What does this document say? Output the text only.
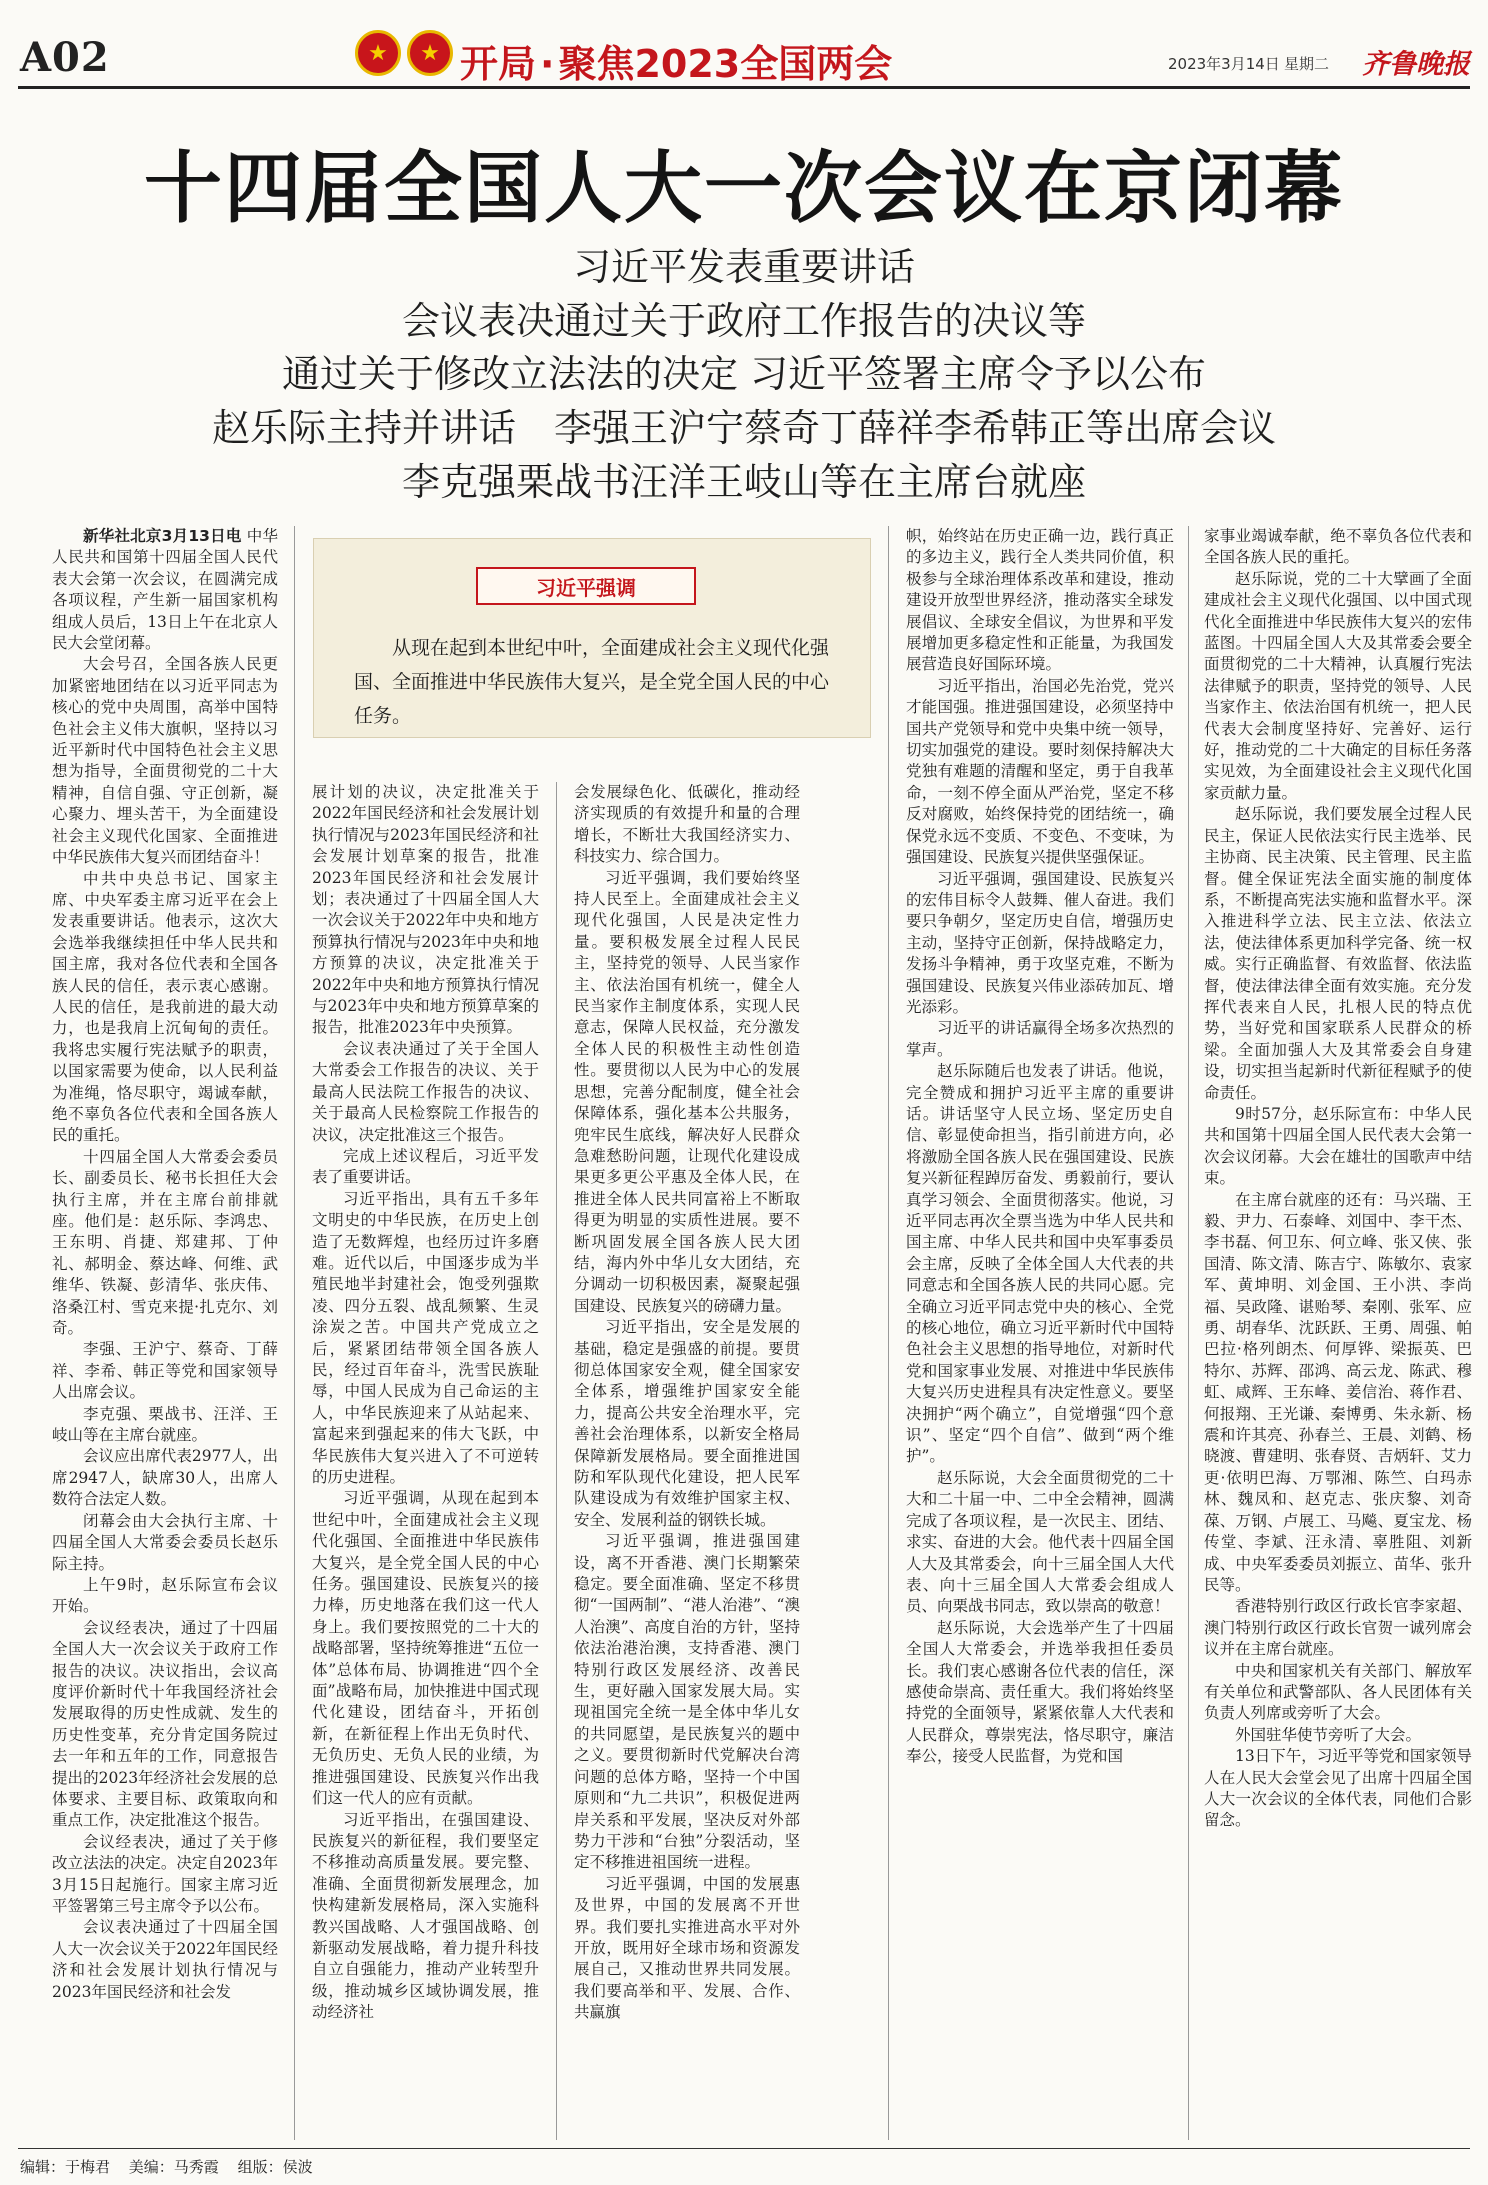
A02	★ ★ 开局 · 聚焦2023全国两会	2023年3月14日 星期二 齐鲁晚报
十四届全国人大一次会议在京闭幕
习近平发表重要讲话
会议表决通过关于政府工作报告的决议等
通过关于修改立法法的决定 习近平签署主席令予以公布
赵乐际主持并讲话　李强王沪宁蔡奇丁薛祥李希韩正等出席会议
李克强栗战书汪洋王岐山等在主席台就座
习近平强调
从现在起到本世纪中叶，全面建成社会主义现代化强国、全面推进中华民族伟大复兴，是全党全国人民的中心任务。

新华社北京3月13日电 中华人民共和国第十四届全国人民代表大会第一次会议，在圆满完成各项议程，产生新一届国家机构组成人员后，13日上午在北京人民大会堂闭幕。

大会号召，全国各族人民更加紧密地团结在以习近平同志为核心的党中央周围，高举中国特色社会主义伟大旗帜，坚持以习近平新时代中国特色社会主义思想为指导，全面贯彻党的二十大精神，自信自强、守正创新，凝心聚力、埋头苦干，为全面建设社会主义现代化国家、全面推进中华民族伟大复兴而团结奋斗！

中共中央总书记、国家主席、中央军委主席习近平在会上发表重要讲话。他表示，这次大会选举我继续担任中华人民共和国主席，我对各位代表和全国各族人民的信任，表示衷心感谢。人民的信任，是我前进的最大动力，也是我肩上沉甸甸的责任。我将忠实履行宪法赋予的职责，以国家需要为使命，以人民利益为准绳，恪尽职守，竭诚奉献，绝不辜负各位代表和全国各族人民的重托。

十四届全国人大常委会委员长、副委员长、秘书长担任大会执行主席，并在主席台前排就座。他们是：赵乐际、李鸿忠、王东明、肖捷、郑建邦、丁仲礼、郝明金、蔡达峰、何维、武维华、铁凝、彭清华、张庆伟、洛桑江村、雪克来提·扎克尔、刘奇。

李强、王沪宁、蔡奇、丁薛祥、李希、韩正等党和国家领导人出席会议。

李克强、栗战书、汪洋、王岐山等在主席台就座。

会议应出席代表2977人，出席2947人，缺席30人，出席人数符合法定人数。

闭幕会由大会执行主席、十四届全国人大常委会委员长赵乐际主持。

上午9时，赵乐际宣布会议开始。

会议经表决，通过了十四届全国人大一次会议关于政府工作报告的决议。决议指出，会议高度评价新时代十年我国经济社会发展取得的历史性成就、发生的历史性变革，充分肯定国务院过去一年和五年的工作，同意报告提出的2023年经济社会发展的总体要求、主要目标、政策取向和重点工作，决定批准这个报告。

会议经表决，通过了关于修改立法法的决定。决定自2023年3月15日起施行。国家主席习近平签署第三号主席令予以公布。

会议表决通过了十四届全国人大一次会议关于2022年国民经济和社会发展计划执行情况与2023年国民经济和社会发

展计划的决议，决定批准关于2022年国民经济和社会发展计划执行情况与2023年国民经济和社会发展计划草案的报告，批准2023年国民经济和社会发展计划；表决通过了十四届全国人大一次会议关于2022年中央和地方预算执行情况与2023年中央和地方预算的决议，决定批准关于2022年中央和地方预算执行情况与2023年中央和地方预算草案的报告，批准2023年中央预算。

会议表决通过了关于全国人大常委会工作报告的决议、关于最高人民法院工作报告的决议、关于最高人民检察院工作报告的决议，决定批准这三个报告。

完成上述议程后，习近平发表了重要讲话。

习近平指出，具有五千多年文明史的中华民族，在历史上创造了无数辉煌，也经历过许多磨难。近代以后，中国逐步成为半殖民地半封建社会，饱受列强欺凌、四分五裂、战乱频繁、生灵涂炭之苦。中国共产党成立之后，紧紧团结带领全国各族人民，经过百年奋斗，洗雪民族耻辱，中国人民成为自己命运的主人，中华民族迎来了从站起来、富起来到强起来的伟大飞跃，中华民族伟大复兴进入了不可逆转的历史进程。

习近平强调，从现在起到本世纪中叶，全面建成社会主义现代化强国、全面推进中华民族伟大复兴，是全党全国人民的中心任务。强国建设、民族复兴的接力棒，历史地落在我们这一代人身上。我们要按照党的二十大的战略部署，坚持统筹推进“五位一体”总体布局、协调推进“四个全面”战略布局，加快推进中国式现代化建设，团结奋斗，开拓创新，在新征程上作出无负时代、无负历史、无负人民的业绩，为推进强国建设、民族复兴作出我们这一代人的应有贡献。

习近平指出，在强国建设、民族复兴的新征程，我们要坚定不移推动高质量发展。要完整、准确、全面贯彻新发展理念，加快构建新发展格局，深入实施科教兴国战略、人才强国战略、创新驱动发展战略，着力提升科技自立自强能力，推动产业转型升级，推动城乡区域协调发展，推动经济社

会发展绿色化、低碳化，推动经济实现质的有效提升和量的合理增长，不断壮大我国经济实力、科技实力、综合国力。

习近平强调，我们要始终坚持人民至上。全面建成社会主义现代化强国，人民是决定性力量。要积极发展全过程人民民主，坚持党的领导、人民当家作主、依法治国有机统一，健全人民当家作主制度体系，实现人民意志，保障人民权益，充分激发全体人民的积极性主动性创造性。要贯彻以人民为中心的发展思想，完善分配制度，健全社会保障体系，强化基本公共服务，兜牢民生底线，解决好人民群众急难愁盼问题，让现代化建设成果更多更公平惠及全体人民，在推进全体人民共同富裕上不断取得更为明显的实质性进展。要不断巩固发展全国各族人民大团结，海内外中华儿女大团结，充分调动一切积极因素，凝聚起强国建设、民族复兴的磅礴力量。

习近平指出，安全是发展的基础，稳定是强盛的前提。要贯彻总体国家安全观，健全国家安全体系，增强维护国家安全能力，提高公共安全治理水平，完善社会治理体系，以新安全格局保障新发展格局。要全面推进国防和军队现代化建设，把人民军队建设成为有效维护国家主权、安全、发展利益的钢铁长城。

习近平强调，推进强国建设，离不开香港、澳门长期繁荣稳定。要全面准确、坚定不移贯彻“一国两制”、“港人治港”、“澳人治澳”、高度自治的方针，坚持依法治港治澳，支持香港、澳门特别行政区发展经济、改善民生，更好融入国家发展大局。实现祖国完全统一是全体中华儿女的共同愿望，是民族复兴的题中之义。要贯彻新时代党解决台湾问题的总体方略，坚持一个中国原则和“九二共识”，积极促进两岸关系和平发展，坚决反对外部势力干涉和“台独”分裂活动，坚定不移推进祖国统一进程。

习近平强调，中国的发展惠及世界，中国的发展离不开世界。我们要扎实推进高水平对外开放，既用好全球市场和资源发展自己，又推动世界共同发展。我们要高举和平、发展、合作、共赢旗

帜，始终站在历史正确一边，践行真正的多边主义，践行全人类共同价值，积极参与全球治理体系改革和建设，推动建设开放型世界经济，推动落实全球发展倡议、全球安全倡议，为世界和平发展增加更多稳定性和正能量，为我国发展营造良好国际环境。

习近平指出，治国必先治党，党兴才能国强。推进强国建设，必须坚持中国共产党领导和党中央集中统一领导，切实加强党的建设。要时刻保持解决大党独有难题的清醒和坚定，勇于自我革命，一刻不停全面从严治党，坚定不移反对腐败，始终保持党的团结统一，确保党永远不变质、不变色、不变味，为强国建设、民族复兴提供坚强保证。

习近平强调，强国建设、民族复兴的宏伟目标令人鼓舞、催人奋进。我们要只争朝夕，坚定历史自信，增强历史主动，坚持守正创新，保持战略定力，发扬斗争精神，勇于攻坚克难，不断为强国建设、民族复兴伟业添砖加瓦、增光添彩。

习近平的讲话赢得全场多次热烈的掌声。

赵乐际随后也发表了讲话。他说，完全赞成和拥护习近平主席的重要讲话。讲话坚守人民立场、坚定历史自信、彰显使命担当，指引前进方向，必将激励全国各族人民在强国建设、民族复兴新征程踔厉奋发、勇毅前行，要认真学习领会、全面贯彻落实。他说，习近平同志再次全票当选为中华人民共和国主席、中华人民共和国中央军事委员会主席，反映了全体全国人大代表的共同意志和全国各族人民的共同心愿。完全确立习近平同志党中央的核心、全党的核心地位，确立习近平新时代中国特色社会主义思想的指导地位，对新时代党和国家事业发展、对推进中华民族伟大复兴历史进程具有决定性意义。要坚决拥护“两个确立”，自觉增强“四个意识”、坚定“四个自信”、做到“两个维护”。

赵乐际说，大会全面贯彻党的二十大和二十届一中、二中全会精神，圆满完成了各项议程，是一次民主、团结、求实、奋进的大会。他代表十四届全国人大及其常委会，向十三届全国人大代表、向十三届全国人大常委会组成人员、向栗战书同志，致以崇高的敬意！

赵乐际说，大会选举产生了十四届全国人大常委会，并选举我担任委员长。我们衷心感谢各位代表的信任，深感使命崇高、责任重大。我们将始终坚持党的全面领导，紧紧依靠人大代表和人民群众，尊崇宪法，恪尽职守，廉洁奉公，接受人民监督，为党和国

家事业竭诚奉献，绝不辜负各位代表和全国各族人民的重托。

赵乐际说，党的二十大擘画了全面建成社会主义现代化强国、以中国式现代化全面推进中华民族伟大复兴的宏伟蓝图。十四届全国人大及其常委会要全面贯彻党的二十大精神，认真履行宪法法律赋予的职责，坚持党的领导、人民当家作主、依法治国有机统一，把人民代表大会制度坚持好、完善好、运行好，推动党的二十大确定的目标任务落实见效，为全面建设社会主义现代化国家贡献力量。

赵乐际说，我们要发展全过程人民民主，保证人民依法实行民主选举、民主协商、民主决策、民主管理、民主监督。健全保证宪法全面实施的制度体系，不断提高宪法实施和监督水平。深入推进科学立法、民主立法、依法立法，使法律体系更加科学完备、统一权威。实行正确监督、有效监督、依法监督，使法律法律全面有效实施。充分发挥代表来自人民，扎根人民的特点优势，当好党和国家联系人民群众的桥梁。全面加强人大及其常委会自身建设，切实担当起新时代新征程赋予的使命责任。

9时57分，赵乐际宣布：中华人民共和国第十四届全国人民代表大会第一次会议闭幕。大会在雄壮的国歌声中结束。

在主席台就座的还有：马兴瑞、王毅、尹力、石泰峰、刘国中、李干杰、李书磊、何卫东、何立峰、张又侠、张国清、陈文清、陈吉宁、陈敏尔、袁家军、黄坤明、刘金国、王小洪、李尚福、吴政隆、谌贻琴、秦刚、张军、应勇、胡春华、沈跃跃、王勇、周强、帕巴拉·格列朗杰、何厚铧、梁振英、巴特尔、苏辉、邵鸿、高云龙、陈武、穆虹、咸辉、王东峰、姜信治、蒋作君、何报翔、王光谦、秦博勇、朱永新、杨震和许其亮、孙春兰、王晨、刘鹤、杨晓渡、曹建明、张春贤、吉炳轩、艾力更·依明巴海、万鄂湘、陈竺、白玛赤林、魏凤和、赵克志、张庆黎、刘奇葆、万钢、卢展工、马飚、夏宝龙、杨传堂、李斌、汪永清、辜胜阻、刘新成、中央军委委员刘振立、苗华、张升民等。

香港特别行政区行政长官李家超、澳门特别行政区行政长官贺一诚列席会议并在主席台就座。

中央和国家机关有关部门、解放军有关单位和武警部队、各人民团体有关负责人列席或旁听了大会。

外国驻华使节旁听了大会。

13日下午，习近平等党和国家领导人在人民大会堂会见了出席十四届全国人大一次会议的全体代表，同他们合影留念。

编辑：于梅君 美编：马秀霞 组版：侯波
